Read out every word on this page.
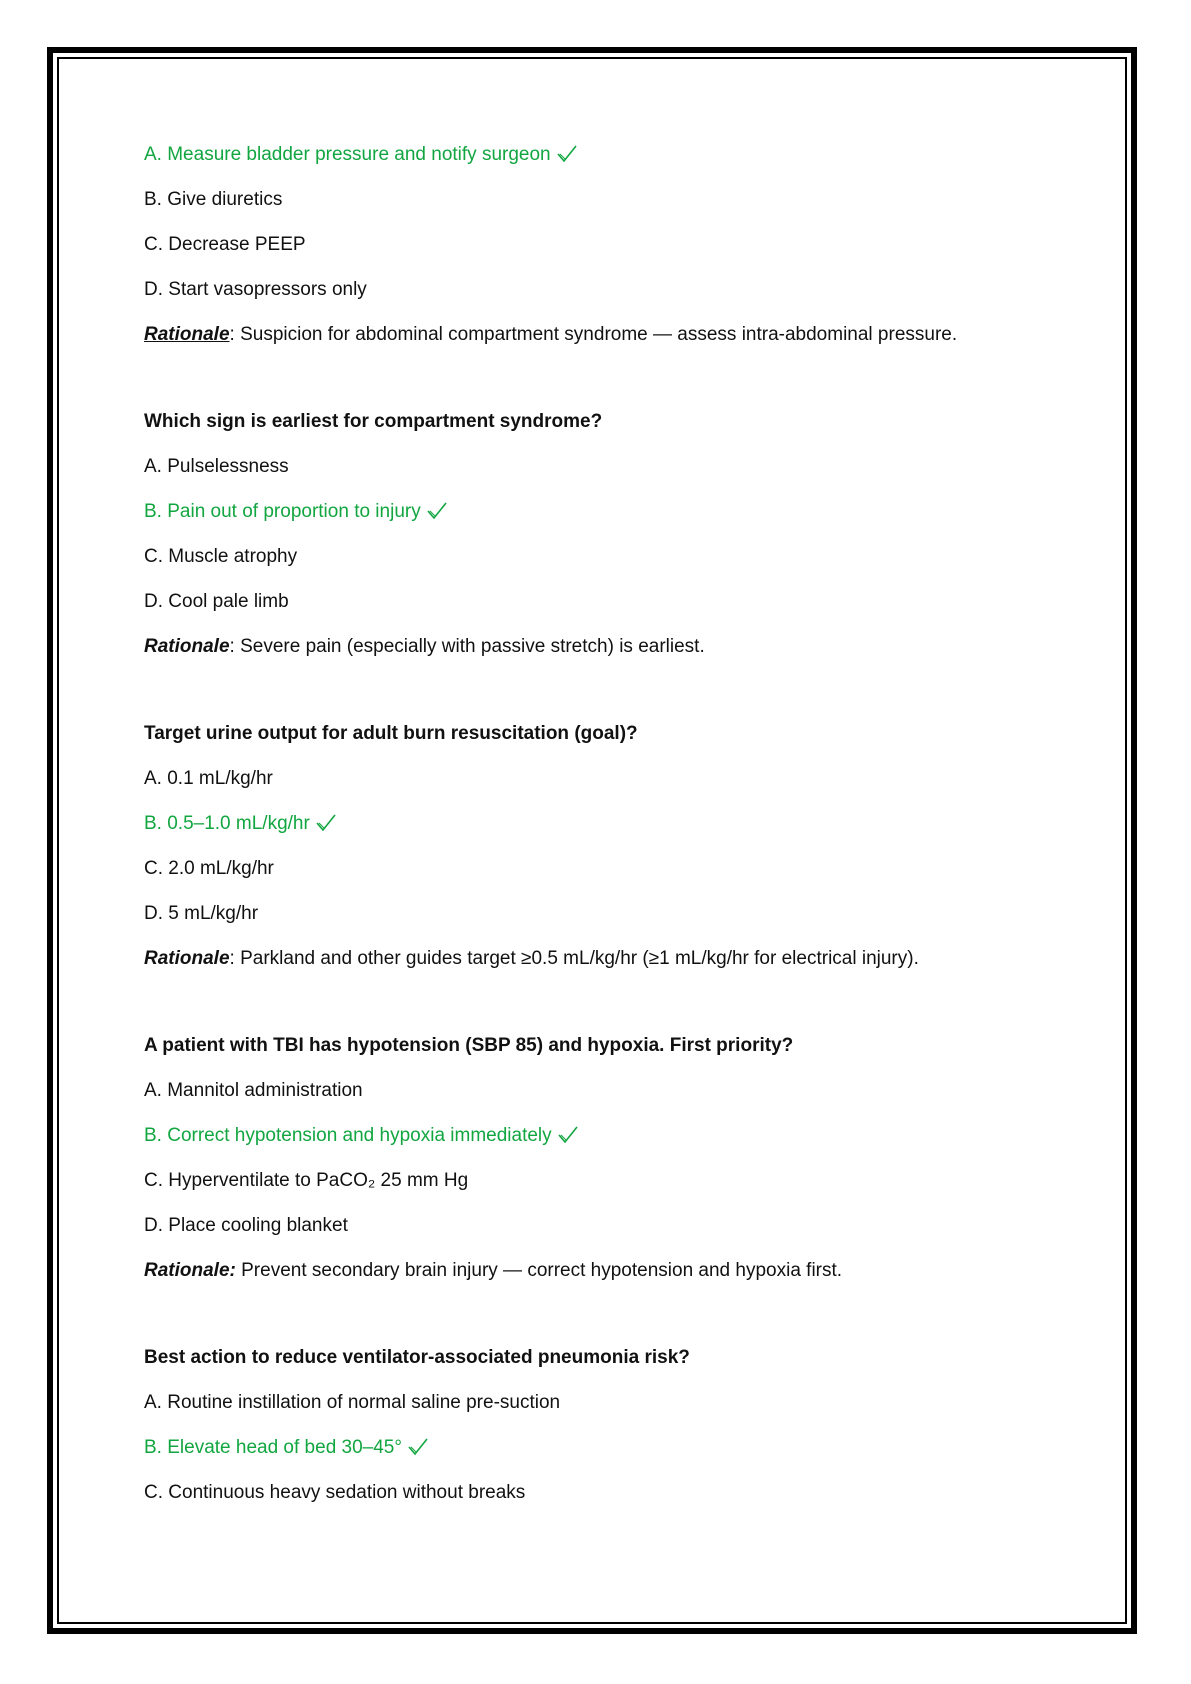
A. Measure bladder pressure and notify surgeon
B. Give diuretics
C. Decrease PEEP
D. Start vasopressors only
Rationale: Suspicion for abdominal compartment syndrome — assess intra-abdominal pressure.
Which sign is earliest for compartment syndrome?
A. Pulselessness
B. Pain out of proportion to injury
C. Muscle atrophy
D. Cool pale limb
Rationale: Severe pain (especially with passive stretch) is earliest.
Target urine output for adult burn resuscitation (goal)?
A. 0.1 mL/kg/hr
B. 0.5–1.0 mL/kg/hr
C. 2.0 mL/kg/hr
D. 5 mL/kg/hr
Rationale: Parkland and other guides target ≥0.5 mL/kg/hr (≥1 mL/kg/hr for electrical injury).
A patient with TBI has hypotension (SBP 85) and hypoxia. First priority?
A. Mannitol administration
B. Correct hypotension and hypoxia immediately
C. Hyperventilate to PaCO₂ 25 mm Hg
D. Place cooling blanket
Rationale: Prevent secondary brain injury — correct hypotension and hypoxia first.
Best action to reduce ventilator-associated pneumonia risk?
A. Routine instillation of normal saline pre-suction
B. Elevate head of bed 30–45°
C. Continuous heavy sedation without breaks
